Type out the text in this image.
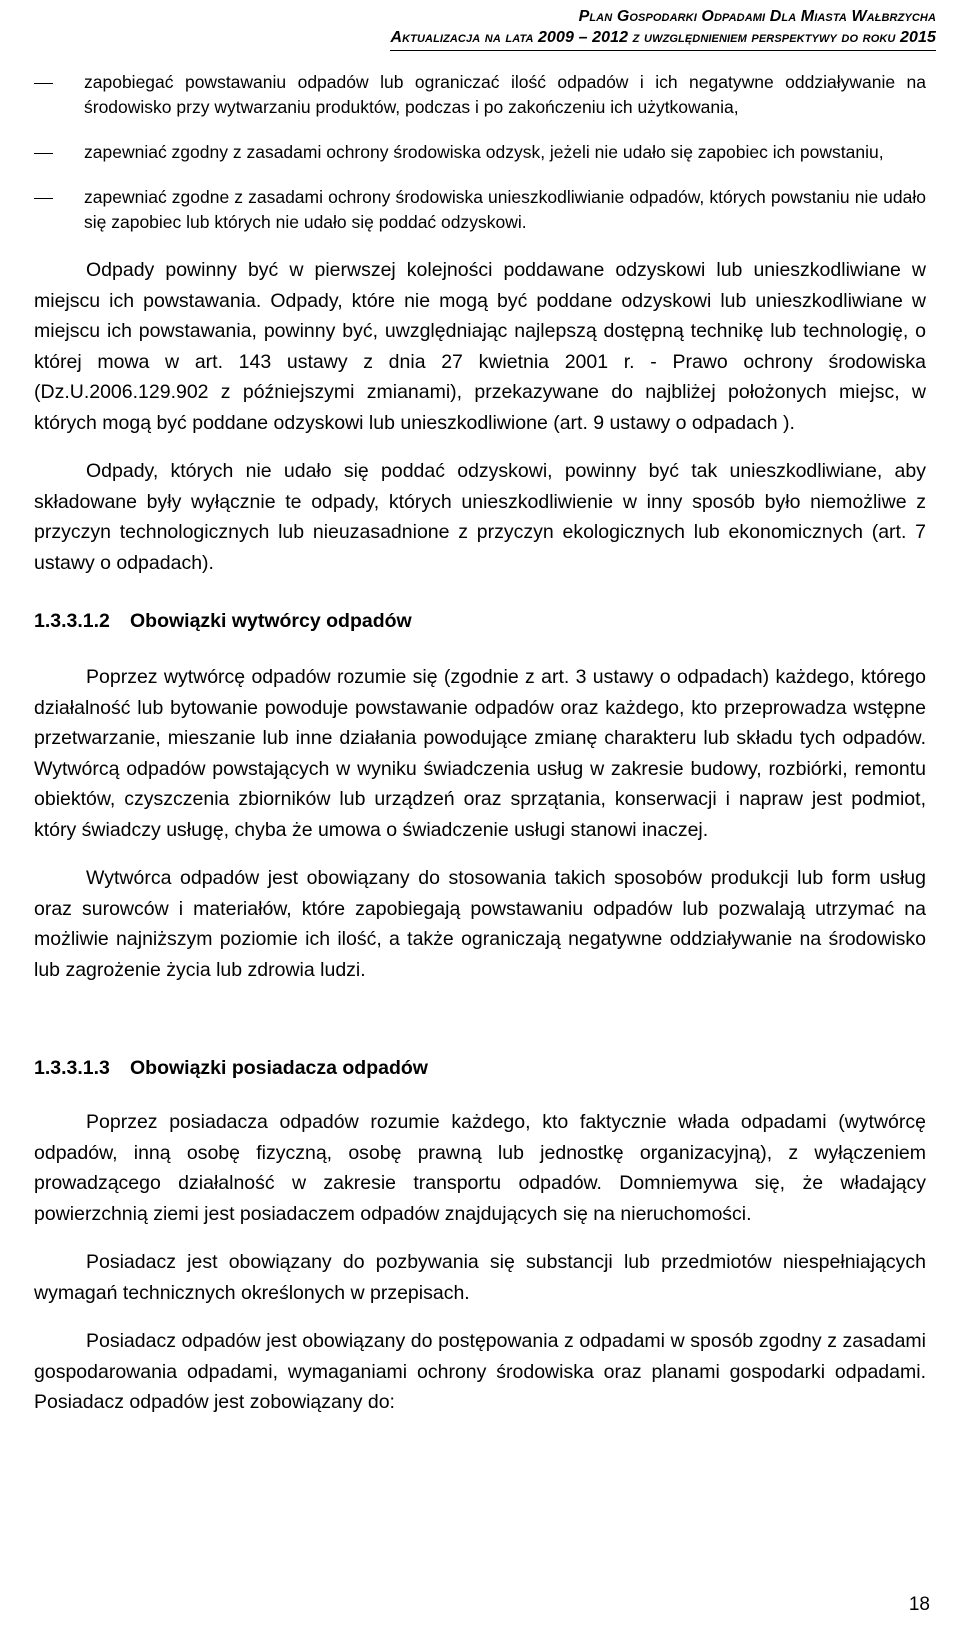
Plan Gospodarki Odpadami Dla Miasta Wałbrzycha
Aktualizacja na lata 2009 – 2012 z uwzględnieniem perspektywy do roku 2015
zapobiegać powstawaniu odpadów lub ograniczać ilość odpadów i ich negatywne oddziaływanie na środowisko przy wytwarzaniu produktów, podczas i po zakończeniu ich użytkowania,
zapewniać zgodny z zasadami ochrony środowiska odzysk, jeżeli nie udało się zapobiec ich powstaniu,
zapewniać zgodne z zasadami ochrony środowiska unieszkodliwianie odpadów, których powstaniu nie udało się zapobiec lub których nie udało się poddać odzyskowi.

Odpady powinny być w pierwszej kolejności poddawane odzyskowi lub unieszkodliwiane w miejscu ich powstawania. Odpady, które nie mogą być poddane odzyskowi lub unieszkodliwiane w miejscu ich powstawania, powinny być, uwzględniając najlepszą dostępną technikę lub technologię, o której mowa w art. 143 ustawy z dnia 27 kwietnia 2001 r. - Prawo ochrony środowiska (Dz.U.2006.129.902 z późniejszymi zmianami), przekazywane do najbliżej położonych miejsc, w których mogą być poddane odzyskowi lub unieszkodliwione (art. 9 ustawy o odpadach ).

Odpady, których nie udało się poddać odzyskowi, powinny być tak unieszkodliwiane, aby składowane były wyłącznie te odpady, których unieszkodliwienie w inny sposób było niemożliwe z przyczyn technologicznych lub nieuzasadnione z przyczyn ekologicznych lub ekonomicznych (art. 7 ustawy o odpadach).

1.3.3.1.2 Obowiązki wytwórcy odpadów

Poprzez wytwórcę odpadów rozumie się (zgodnie z art. 3 ustawy o odpadach) każdego, którego działalność lub bytowanie powoduje powstawanie odpadów oraz każdego, kto przeprowadza wstępne przetwarzanie, mieszanie lub inne działania powodujące zmianę charakteru lub składu tych odpadów. Wytwórcą odpadów powstających w wyniku świadczenia usług w zakresie budowy, rozbiórki, remontu obiektów, czyszczenia zbiorników lub urządzeń oraz sprzątania, konserwacji i napraw jest podmiot, który świadczy usługę, chyba że umowa o świadczenie usługi stanowi inaczej.

Wytwórca odpadów jest obowiązany do stosowania takich sposobów produkcji lub form usług oraz surowców i materiałów, które zapobiegają powstawaniu odpadów lub pozwalają utrzymać na możliwie najniższym poziomie ich ilość, a także ograniczają negatywne oddziaływanie na środowisko lub zagrożenie życia lub zdrowia ludzi.

1.3.3.1.3 Obowiązki posiadacza odpadów

Poprzez posiadacza odpadów rozumie każdego, kto faktycznie włada odpadami (wytwórcę odpadów, inną osobę fizyczną, osobę prawną lub jednostkę organizacyjną), z wyłączeniem prowadzącego działalność w zakresie transportu odpadów. Domniemywa się, że władający powierzchnią ziemi jest posiadaczem odpadów znajdujących się na nieruchomości.

Posiadacz jest obowiązany do pozbywania się substancji lub przedmiotów niespełniających wymagań technicznych określonych w przepisach.

Posiadacz odpadów jest obowiązany do postępowania z odpadami w sposób zgodny z zasadami gospodarowania odpadami, wymaganiami ochrony środowiska oraz planami gospodarki odpadami. Posiadacz odpadów jest zobowiązany do:

18
